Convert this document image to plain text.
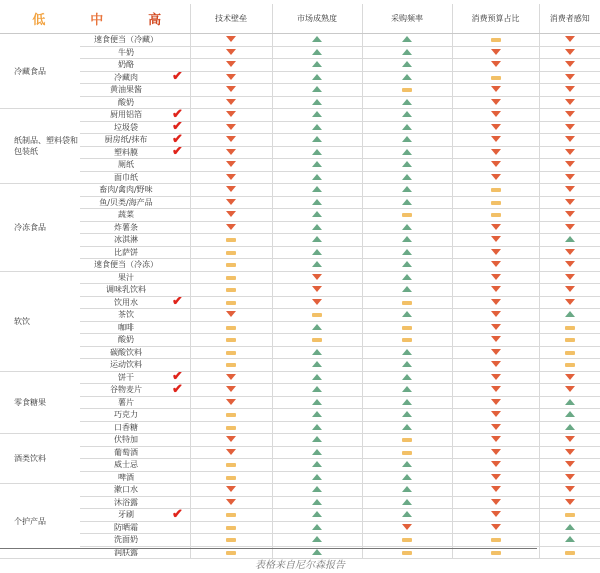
低 中 高			技术壁垒	市场成熟度	采购频率	消费预算占比	消费者感知
冷藏食品	速食便当（冷藏）						
	牛奶						
	奶酪						
	冷藏肉	✔					
	黄油果酱						
	酸奶						
纸制品、塑料袋和包装纸	厨用铝箔	✔					
	垃圾袋	✔					
	厨房纸/抹布	✔					
	塑料膜	✔					
	厕纸						
	面巾纸						
冷冻食品	畜肉/禽肉/野味						
	鱼/贝类/海产品						
	蔬菜						
	炸薯条						
	冰淇淋						
	比萨饼						
	速食便当（冷冻）						
软饮	果汁						
	调味乳饮料						
	饮用水	✔					
	茶饮						
	咖啡						
	酸奶						
	碳酸饮料						
	运动饮料						
零食糖果	饼干	✔					
	谷物麦片	✔					
	薯片						
	巧克力						
	口香糖						
酒类饮料	伏特加						
	葡萄酒						
	威士忌						
	啤酒						
个护产品	漱口水						
	沐浴露						
	牙刷	✔					
	防晒霜						
	洗面奶						
	润肤露						
表格来自尼尔森报告
